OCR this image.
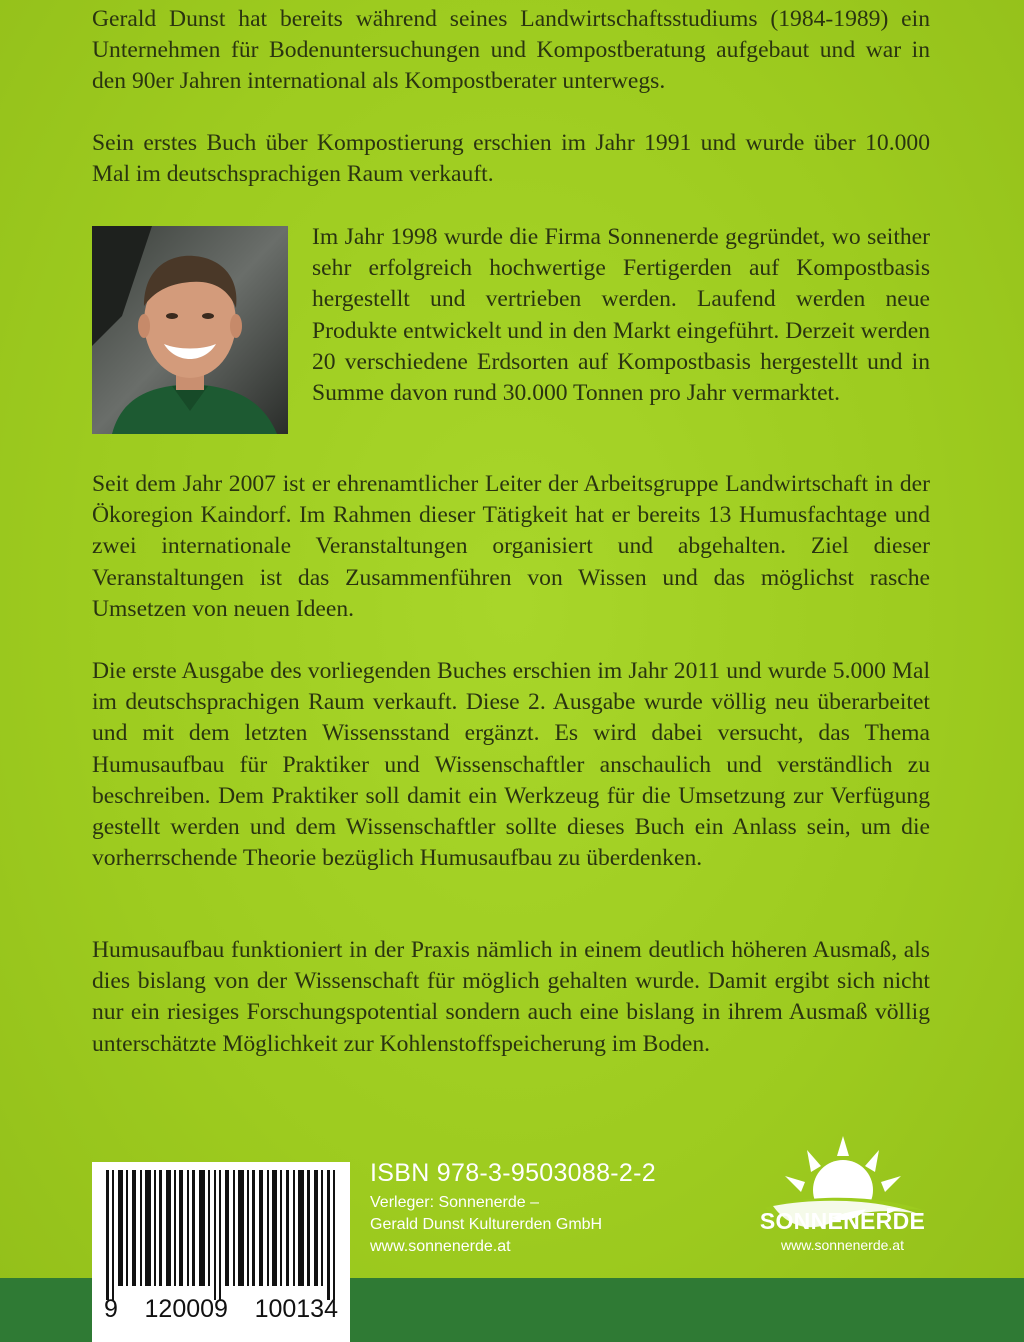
Gerald Dunst hat bereits während seines Landwirtschaftsstudiums (1984-1989) ein Unternehmen für Bodenuntersuchungen und Kompostberatung aufgebaut und war in den 90er Jahren international als Kompostberater unterwegs.

Sein erstes Buch über Kompostierung erschien im Jahr 1991 und wurde über 10.000 Mal im deutschsprachigen Raum verkauft.

Im Jahr 1998 wurde die Firma Sonnenerde gegründet, wo seither sehr erfolgreich hochwertige Fertigerden auf Kompostbasis hergestellt und vertrieben werden. Laufend werden neue Produkte entwickelt und in den Markt eingeführt. Derzeit werden 20 verschiedene Erdsorten auf Kompostbasis hergestellt und in Summe davon rund 30.000 Tonnen pro Jahr vermarktet.

Seit dem Jahr 2007 ist er ehrenamtlicher Leiter der Arbeitsgruppe Landwirtschaft in der Ökoregion Kaindorf. Im Rahmen dieser Tätigkeit hat er bereits 13 Humusfachtage und zwei internationale Veranstaltungen organisiert und abgehalten. Ziel dieser Veranstaltungen ist das Zusammenführen von Wissen und das möglichst rasche Umsetzen von neuen Ideen.

Die erste Ausgabe des vorliegenden Buches erschien im Jahr 2011 und wurde 5.000 Mal im deutschsprachigen Raum verkauft. Diese 2. Ausgabe wurde völlig neu überarbeitet und mit dem letzten Wissensstand ergänzt. Es wird dabei versucht, das Thema Humusaufbau für Praktiker und Wissenschaftler anschaulich und verständlich zu beschreiben. Dem Praktiker soll damit ein Werkzeug für die Umsetzung zur Verfügung gestellt werden und dem Wissenschaftler sollte dieses Buch ein Anlass sein, um die vorherrschende Theorie bezüglich Humusaufbau zu überdenken.

Humusaufbau funktioniert in der Praxis nämlich in einem deutlich höheren Ausmaß, als dies bislang von der Wissenschaft für möglich gehalten wurde. Damit ergibt sich nicht nur ein riesiges Forschungspotential sondern auch eine bislang in ihrem Ausmaß völlig unterschätzte Möglichkeit zur Kohlenstoffspeicherung im Boden.

9 120009 100134
ISBN 978-3-9503088-2-2
Verleger: Sonnenerde –
Gerald Dunst Kulturerden GmbH
www.sonnenerde.at
SONNENERDE
www.sonnenerde.at
